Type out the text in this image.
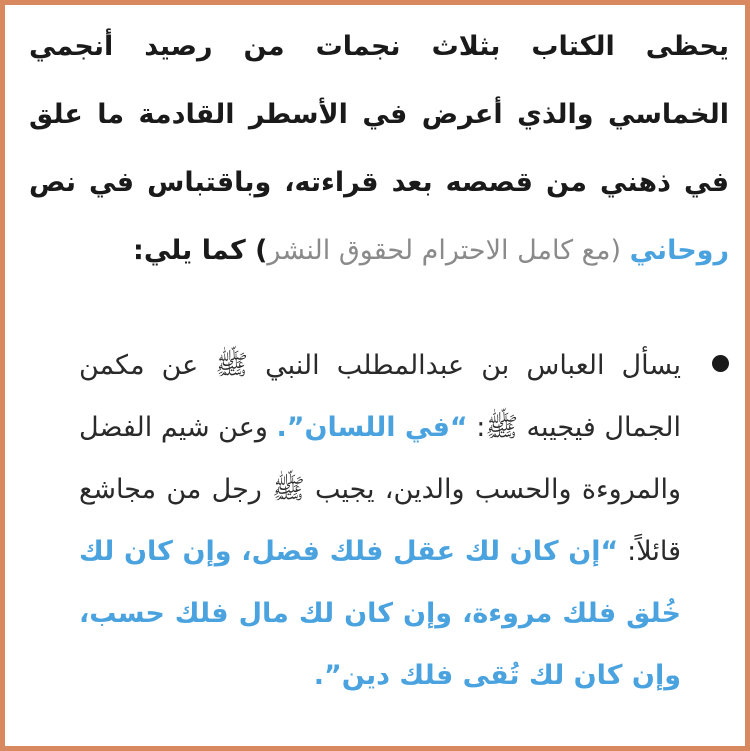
يحظى الكتاب بثلاث نجمات من رصيد أنجمي الخماسي والذي أعرض في الأسطر القادمة ما علق في ذهني من قصصه بعد قراءته، وباقتباس في نص روحاني (مع كامل الاحترام لحقوق النشر) كما يلي:

يسأل العباس بن عبدالمطلب النبي ﷺ عن مكمن الجمال فيجيبه ﷺ: “في اللسان”. وعن شيم الفضل والمروءة والحسب والدين، يجيب ﷺ رجل من مجاشع قائلاً: “إن كان لك عقل فلك فضل، وإن كان لك خُلق فلك مروءة، وإن كان لك مال فلك حسب، وإن كان لك تُقى فلك دين”.
